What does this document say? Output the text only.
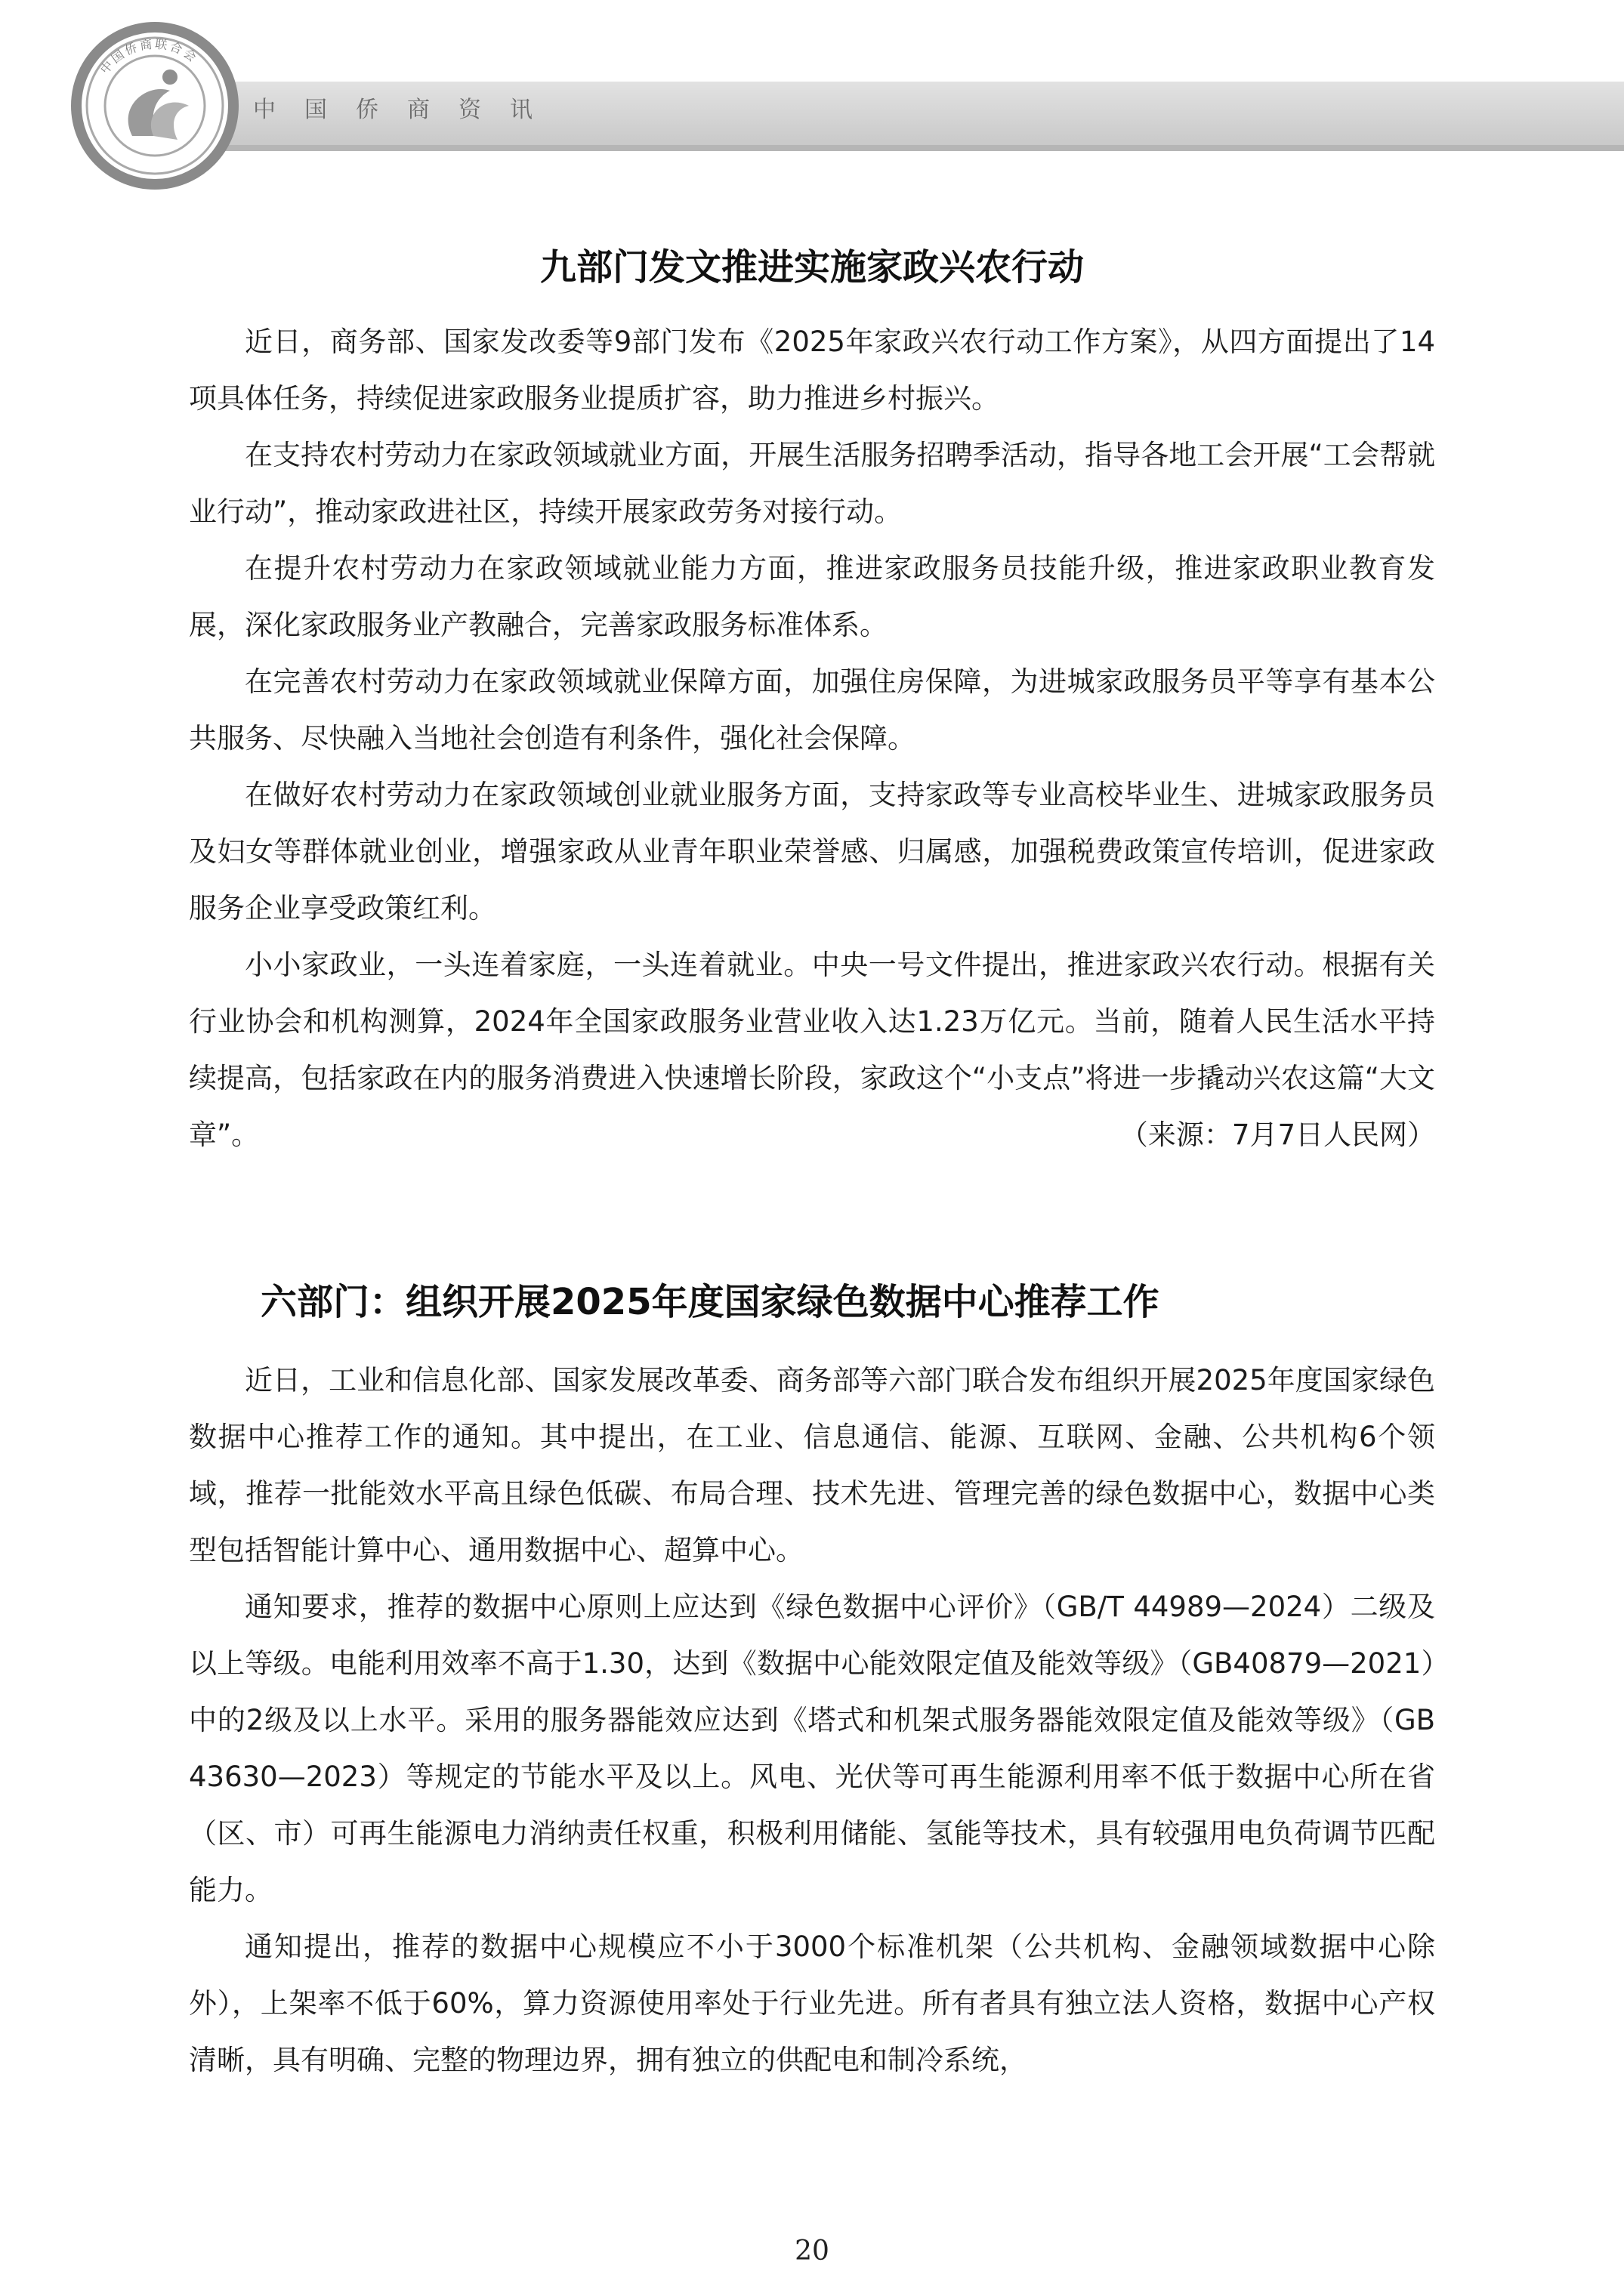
中国侨商资讯
中国侨商联合会
九部门发文推进实施家政兴农行动

近日，商务部、国家发改委等9部门发布《2025年家政兴农行动工作方案》，从四方面提出了14项具体任务，持续促进家政服务业提质扩容，助力推进乡村振兴。

在支持农村劳动力在家政领域就业方面，开展生活服务招聘季活动，指导各地工会开展“工会帮就业行动”，推动家政进社区，持续开展家政劳务对接行动。

在提升农村劳动力在家政领域就业能力方面，推进家政服务员技能升级，推进家政职业教育发展，深化家政服务业产教融合，完善家政服务标准体系。

在完善农村劳动力在家政领域就业保障方面，加强住房保障，为进城家政服务员平等享有基本公共服务、尽快融入当地社会创造有利条件，强化社会保障。

在做好农村劳动力在家政领域创业就业服务方面，支持家政等专业高校毕业生、进城家政服务员及妇女等群体就业创业，增强家政从业青年职业荣誉感、归属感，加强税费政策宣传培训，促进家政服务企业享受政策红利。

小小家政业，一头连着家庭，一头连着就业。中央一号文件提出，推进家政兴农行动。根据有关行业协会和机构测算，2024年全国家政服务业营业收入达1.23万亿元。当前，随着人民生活水平持续提高，包括家政在内的服务消费进入快速增长阶段，家政这个“小支点”将进一步撬动兴农这篇“大文章”。	（来源：7月7日人民网）
六部门：组织开展2025年度国家绿色数据中心推荐工作

近日，工业和信息化部、国家发展改革委、商务部等六部门联合发布组织开展2025年度国家绿色数据中心推荐工作的通知。其中提出，在工业、信息通信、能源、互联网、金融、公共机构6个领域，推荐一批能效水平高且绿色低碳、布局合理、技术先进、管理完善的绿色数据中心，数据中心类型包括智能计算中心、通用数据中心、超算中心。

通知要求，推荐的数据中心原则上应达到《绿色数据中心评价》（GB/T 44989—2024）二级及以上等级。电能利用效率不高于1.30，达到《数据中心能效限定值及能效等级》（GB40879—2021）中的2级及以上水平。采用的服务器能效应达到《塔式和机架式服务器能效限定值及能效等级》（GB 43630—2023）等规定的节能水平及以上。风电、光伏等可再生能源利用率不低于数据中心所在省（区、市）可再生能源电力消纳责任权重，积极利用储能、氢能等技术，具有较强用电负荷调节匹配能力。

通知提出，推荐的数据中心规模应不小于3000个标准机架（公共机构、金融领域数据中心除外），上架率不低于60%，算力资源使用率处于行业先进。所有者具有独立法人资格，数据中心产权清晰，具有明确、完整的物理边界，拥有独立的供配电和制冷系统，

20
